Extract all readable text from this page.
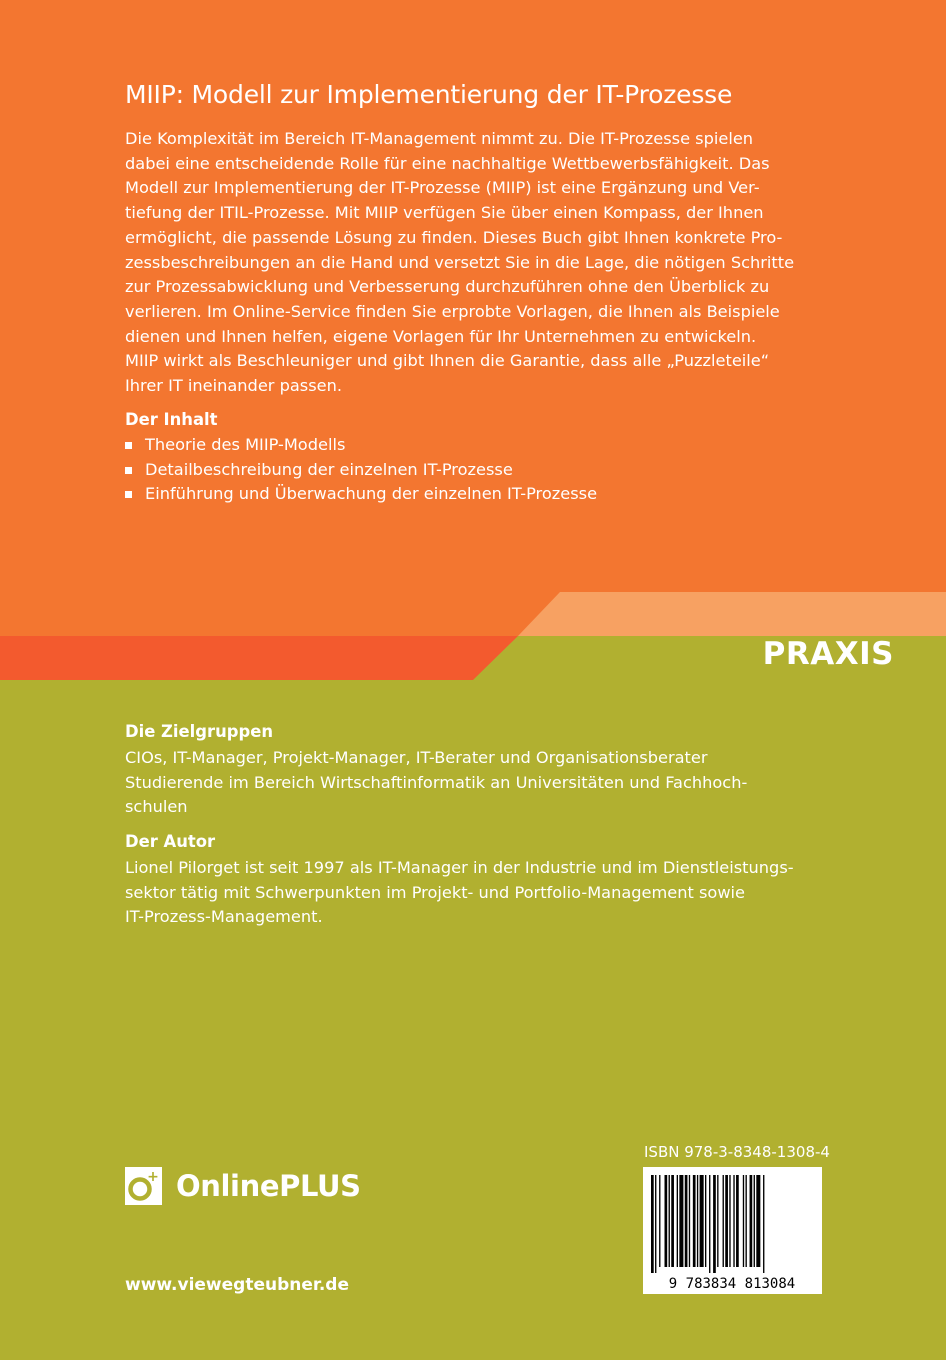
MIIP: Modell zur Implementierung der IT-Prozesse

Die Komplexität im Bereich IT-Management nimmt zu. Die IT-Prozesse spielen
dabei eine entscheidende Rolle für eine nachhaltige Wettbewerbsfähigkeit. Das
Modell zur Implementierung der IT-Prozesse (MIIP) ist eine Ergänzung und Ver-
tiefung der ITIL-Prozesse. Mit MIIP verfügen Sie über einen Kompass, der Ihnen
ermöglicht, die passende Lösung zu finden. Dieses Buch gibt Ihnen konkrete Pro-
zessbeschreibungen an die Hand und versetzt Sie in die Lage, die nötigen Schritte
zur Prozessabwicklung und Verbesserung durchzuführen ohne den Überblick zu
verlieren. Im Online-Service finden Sie erprobte Vorlagen, die Ihnen als Beispiele
dienen und Ihnen helfen, eigene Vorlagen für Ihr Unternehmen zu entwickeln.
MIIP wirkt als Beschleuniger und gibt Ihnen die Garantie, dass alle „Puzzleteile“
Ihrer IT ineinander passen.

Der Inhalt
Theorie des MIIP-Modells
Detailbeschreibung der einzelnen IT-Prozesse
Einführung und Überwachung der einzelnen IT-Prozesse

PRAXIS

Die Zielgruppen

CIOs, IT-Manager, Projekt-Manager, IT-Berater und Organisationsberater
Studierende im Bereich Wirtschaftinformatik an Universitäten und Fachhoch-
schulen

Der Autor

Lionel Pilorget ist seit 1997 als IT-Manager in der Industrie und im Dienstleistungs-
sektor tätig mit Schwerpunkten im Projekt- und Portfolio-Management sowie
IT-Prozess-Management.

+ OnlinePLUS

www.viewegteubner.de

ISBN 978-3-8348-1308-4

9 783834 813084
